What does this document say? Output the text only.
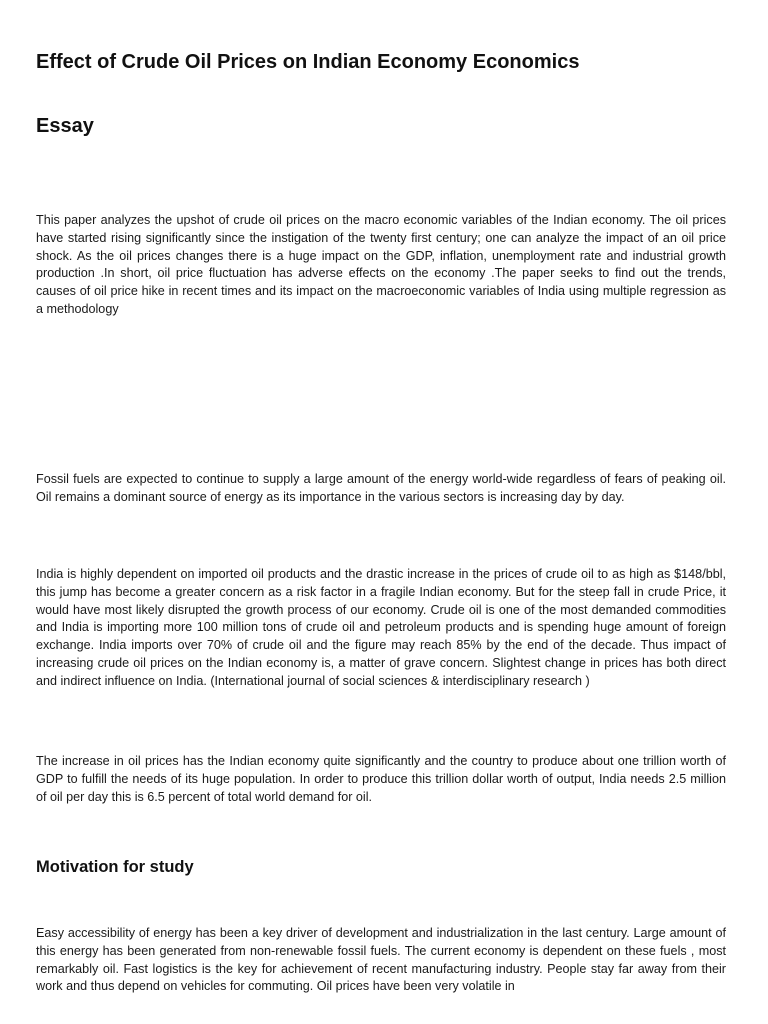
Effect of Crude Oil Prices on Indian Economy Economics
Essay

This paper analyzes the upshot of crude oil prices on the macro economic variables of the Indian economy. The oil prices have started rising significantly since the instigation of the twenty first century; one can analyze the impact of an oil price shock. As the oil prices changes there is a huge impact on the GDP, inflation, unemployment rate and industrial growth production .In short, oil price fluctuation has adverse effects on the economy .The paper seeks to find out the trends, causes of oil price hike in recent times and its impact on the macroeconomic variables of India using multiple regression as a methodology

Fossil fuels are expected to continue to supply a large amount of the energy world-wide regardless of fears of peaking oil. Oil remains a dominant source of energy as its importance in the various sectors is increasing day by day.

India is highly dependent on imported oil products and the drastic increase in the prices of crude oil to as high as $148/bbl, this jump has become a greater concern as a risk factor in a fragile Indian economy. But for the steep fall in crude Price, it would have most likely disrupted the growth process of our economy. Crude oil is one of the most demanded commodities and India is importing more 100 million tons of crude oil and petroleum products and is spending huge amount of foreign exchange. India imports over 70% of crude oil and the figure may reach 85% by the end of the decade. Thus impact of increasing crude oil prices on the Indian economy is, a matter of grave concern. Slightest change in prices has both direct and indirect influence on India. (International journal of social sciences & interdisciplinary research )

The increase in oil prices has the Indian economy quite significantly and the country to produce about one trillion worth of GDP to fulfill the needs of its huge population. In order to produce this trillion dollar worth of output, India needs 2.5 million of oil per day this is 6.5 percent of total world demand for oil.

Motivation for study

Easy accessibility of energy has been a key driver of development and industrialization in the last century. Large amount of this energy has been generated from non-renewable fossil fuels. The current economy is dependent on these fuels , most remarkably oil. Fast logistics is the key for achievement of recent manufacturing industry. People stay far away from their work and thus depend on vehicles for commuting. Oil prices have been very volatile in
